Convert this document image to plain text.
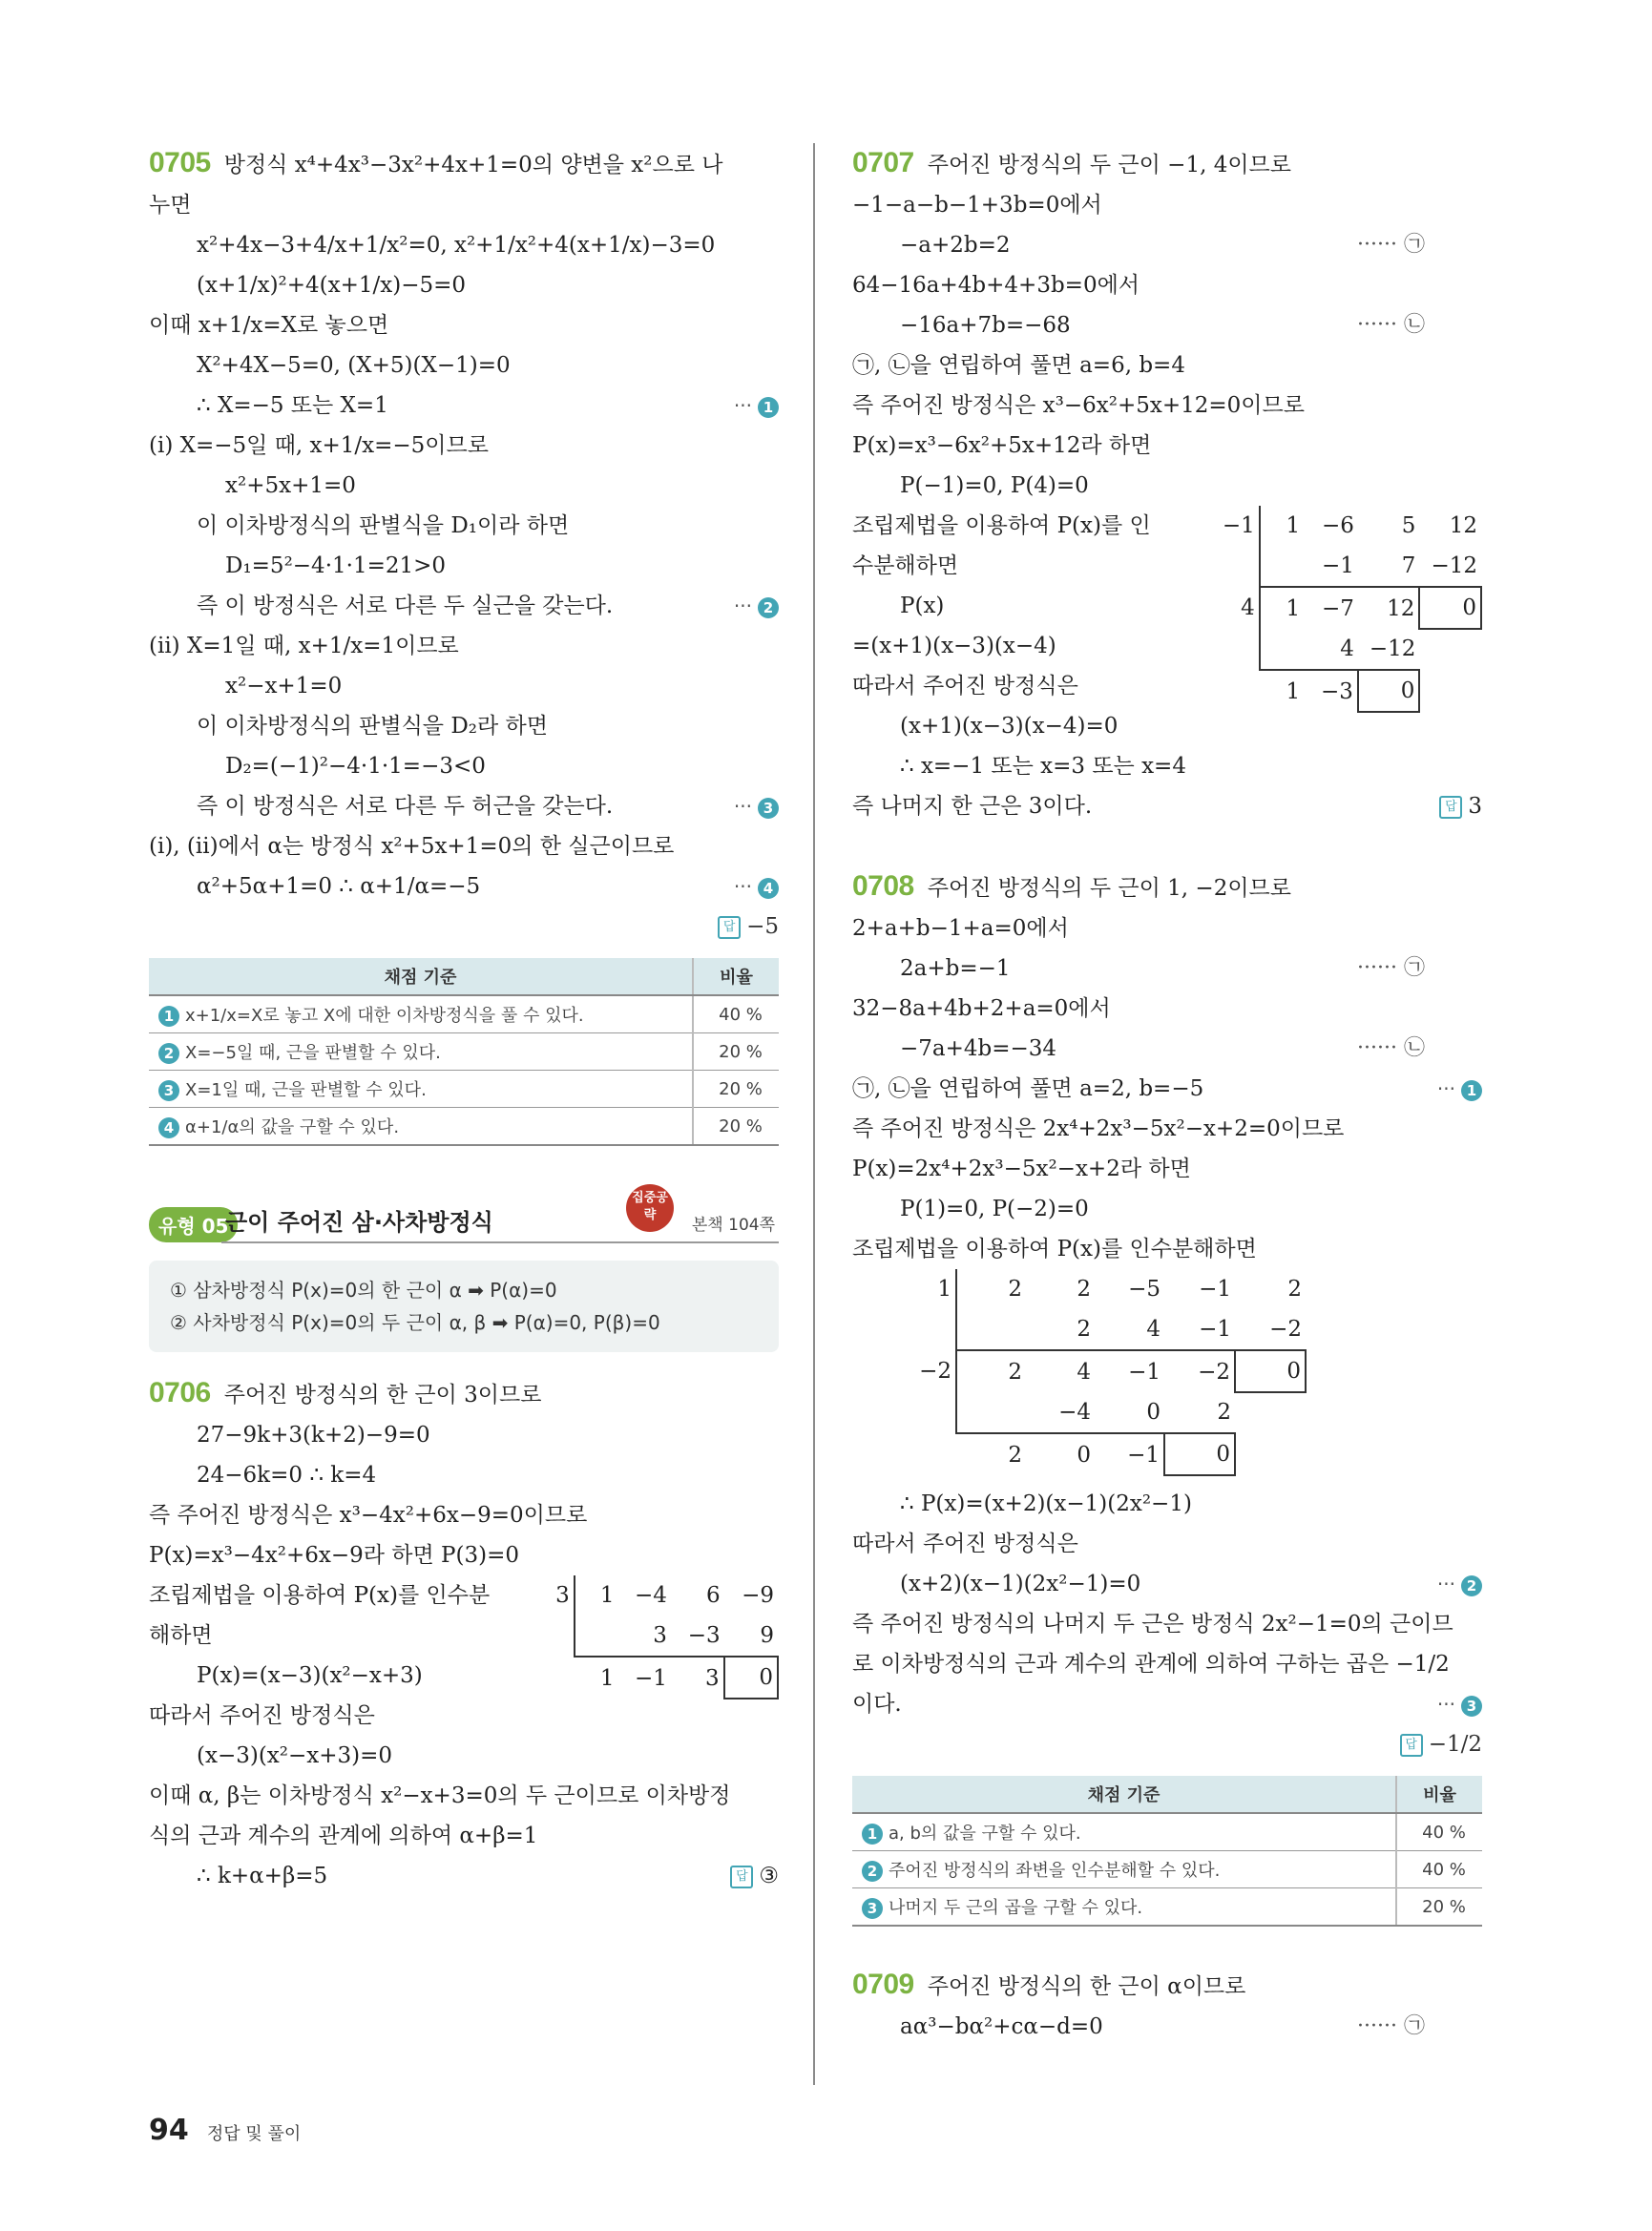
0705 방정식 x⁴+4x³−3x²+4x+1=0의 양변을 x²으로 나
누면
x²+4x−3+4/x+1/x²=0, x²+1/x²+4(x+1/x)−3=0
(x+1/x)²+4(x+1/x)−5=0
이때 x+1/x=X로 놓으면
X²+4X−5=0, (X+5)(X−1)=0
∴ X=−5 또는 X=1	··· 1
(i) X=−5일 때, x+1/x=−5이므로
x²+5x+1=0
이 이차방정식의 판별식을 D₁이라 하면
D₁=5²−4·1·1=21>0
즉 이 방정식은 서로 다른 두 실근을 갖는다.	··· 2
(ii) X=1일 때, x+1/x=1이므로
x²−x+1=0
이 이차방정식의 판별식을 D₂라 하면
D₂=(−1)²−4·1·1=−3<0
즉 이 방정식은 서로 다른 두 허근을 갖는다.	··· 3
(i), (ii)에서 α는 방정식 x²+5x+1=0의 한 실근이므로
α²+5α+1=0 ∴ α+1/α=−5	··· 4
답 −5
채점 기준	비율
1 x+1/x=X로 놓고 X에 대한 이차방정식을 풀 수 있다.	40 %
2 X=−5일 때, 근을 판별할 수 있다.	20 %
3 X=1일 때, 근을 판별할 수 있다.	20 %
4 α+1/α의 값을 구할 수 있다.	20 %
유형 05
근이 주어진 삼·사차방정식
집중공략
본책 104쪽
① 삼차방정식 P(x)=0의 한 근이 α ➡ P(α)=0
② 사차방정식 P(x)=0의 두 근이 α, β ➡ P(α)=0, P(β)=0
0706 주어진 방정식의 한 근이 3이므로
27−9k+3(k+2)−9=0
24−6k=0 ∴ k=4
즉 주어진 방정식은 x³−4x²+6x−9=0이므로
P(x)=x³−4x²+6x−9라 하면 P(3)=0
조립제법을 이용하여 P(x)를 인수분
해하면
P(x)=(x−3)(x²−x+3)
3	1	−4	6	−9
		3	−3	9
	1	−1	3	0
따라서 주어진 방정식은
(x−3)(x²−x+3)=0
이때 α, β는 이차방정식 x²−x+3=0의 두 근이므로 이차방정
식의 근과 계수의 관계에 의하여 α+β=1
∴ k+α+β=5	답 ③
0707 주어진 방정식의 두 근이 −1, 4이므로
−1−a−b−1+3b=0에서
−a+2b=2	······ ㉠
64−16a+4b+4+3b=0에서
−16a+7b=−68	······ ㉡
㉠, ㉡을 연립하여 풀면 a=6, b=4
즉 주어진 방정식은 x³−6x²+5x+12=0이므로
P(x)=x³−6x²+5x+12라 하면
P(−1)=0, P(4)=0
조립제법을 이용하여 P(x)를 인
수분해하면
P(x)
=(x+1)(x−3)(x−4)
따라서 주어진 방정식은
−1	1	−6	5	12
		−1	7	−12
4	1	−7	12	0
		4	−12	
	1	−3	0	
(x+1)(x−3)(x−4)=0
∴ x=−1 또는 x=3 또는 x=4
즉 나머지 한 근은 3이다.	답 3
0708 주어진 방정식의 두 근이 1, −2이므로
2+a+b−1+a=0에서
2a+b=−1	······ ㉠
32−8a+4b+2+a=0에서
−7a+4b=−34	······ ㉡
㉠, ㉡을 연립하여 풀면 a=2, b=−5	··· 1
즉 주어진 방정식은 2x⁴+2x³−5x²−x+2=0이므로
P(x)=2x⁴+2x³−5x²−x+2라 하면
P(1)=0, P(−2)=0
조립제법을 이용하여 P(x)를 인수분해하면
1	2	2	−5	−1	2
		2	4	−1	−2
−2	2	4	−1	−2	0
		−4	0	2	
	2	0	−1	0	
∴ P(x)=(x+2)(x−1)(2x²−1)
따라서 주어진 방정식은
(x+2)(x−1)(2x²−1)=0	··· 2
즉 주어진 방정식의 나머지 두 근은 방정식 2x²−1=0의 근이므
로 이차방정식의 근과 계수의 관계에 의하여 구하는 곱은 −1/2
이다.	··· 3
답 −1/2
채점 기준	비율
1 a, b의 값을 구할 수 있다.	40 %
2 주어진 방정식의 좌변을 인수분해할 수 있다.	40 %
3 나머지 두 근의 곱을 구할 수 있다.	20 %
0709 주어진 방정식의 한 근이 α이므로
aα³−bα²+cα−d=0	······ ㉠
94 정답 및 풀이
